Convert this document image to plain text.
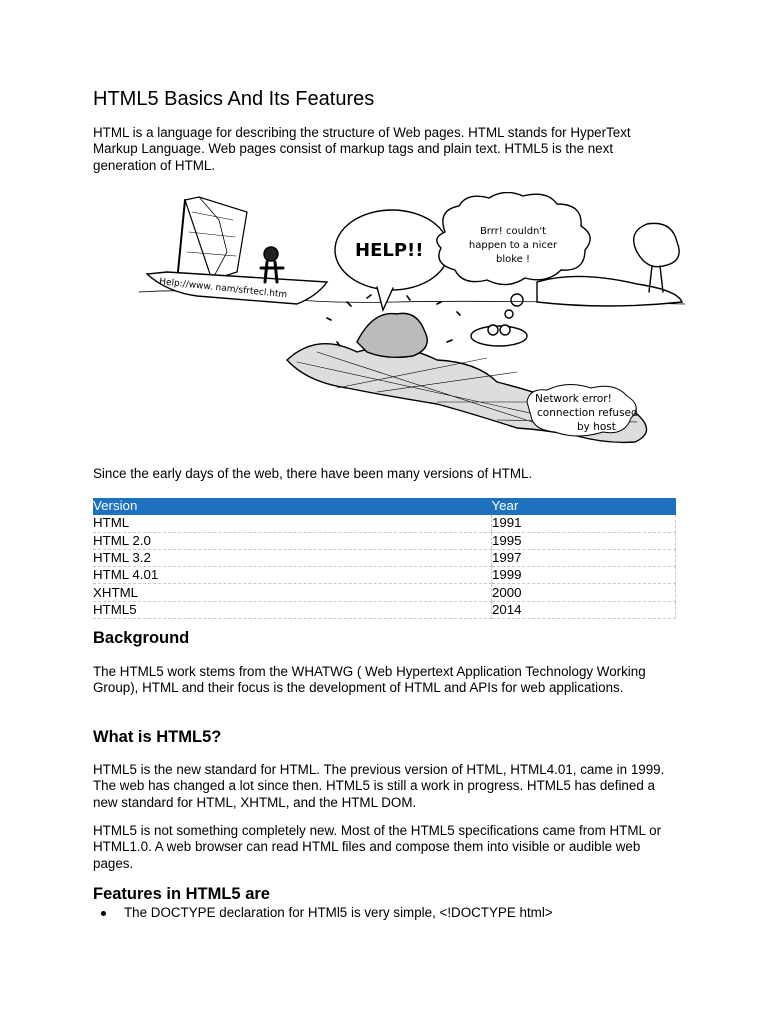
HTML5 Basics And Its Features

HTML is a language for describing the structure of Web pages. HTML stands for HyperText Markup Language. Web pages consist of markup tags and plain text. HTML5 is the next generation of HTML.

Help://www. nam/sfrtecl.htm
HELP!!
Brrr! couldn't
happen to a nicer
bloke !
Network error!
connection refused
by host

Since the early days of the web, there have been many versions of HTML.

Version	Year
HTML	1991
HTML 2.0	1995
HTML 3.2	1997
HTML 4.01	1999
XHTML	2000
HTML5	2014
Background

The HTML5 work stems from the WHATWG ( Web Hypertext Application Technology Working Group), HTML and their focus is the development of HTML and APIs for web applications.

What is HTML5?

HTML5 is the new standard for HTML. The previous version of HTML, HTML4.01, came in 1999. The web has changed a lot since then. HTML5 is still a work in progress. HTML5 has defined a new standard for HTML, XHTML, and the HTML DOM.

HTML5 is not something completely new. Most of the HTML5 specifications came from HTML or HTML1.0. A web browser can read HTML files and compose them into visible or audible web pages.

Features in HTML5 are
The DOCTYPE declaration for HTMl5 is very simple, <!DOCTYPE html>
